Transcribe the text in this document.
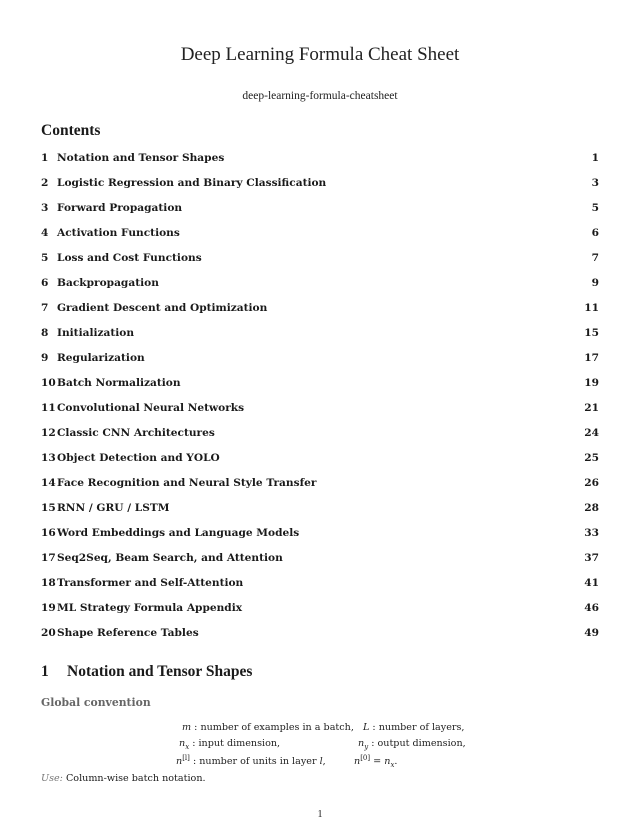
Deep Learning Formula Cheat Sheet
deep-learning-formula-cheatsheet
Contents
1 Notation and Tensor Shapes	1
2 Logistic Regression and Binary Classification	3
3 Forward Propagation	5
4 Activation Functions	6
5 Loss and Cost Functions	7
6 Backpropagation	9
7 Gradient Descent and Optimization	11
8 Initialization	15
9 Regularization	17
10 Batch Normalization	19
11 Convolutional Neural Networks	21
12 Classic CNN Architectures	24
13 Object Detection and YOLO	25
14 Face Recognition and Neural Style Transfer	26
15 RNN / GRU / LSTM	28
16 Word Embeddings and Language Models	33
17 Seq2Seq, Beam Search, and Attention	37
18 Transformer and Self-Attention	41
19 ML Strategy Formula Appendix	46
20 Shape Reference Tables	49
1 Notation and Tensor Shapes
Global convention
m : number of examples in a batch, L : number of layers,
$n_x$ : input dimension,	$n_y$ : output dimension,
n[l] : number of units in layer l,	$n[0] = n_x$.
Use: Column-wise batch notation.
1
